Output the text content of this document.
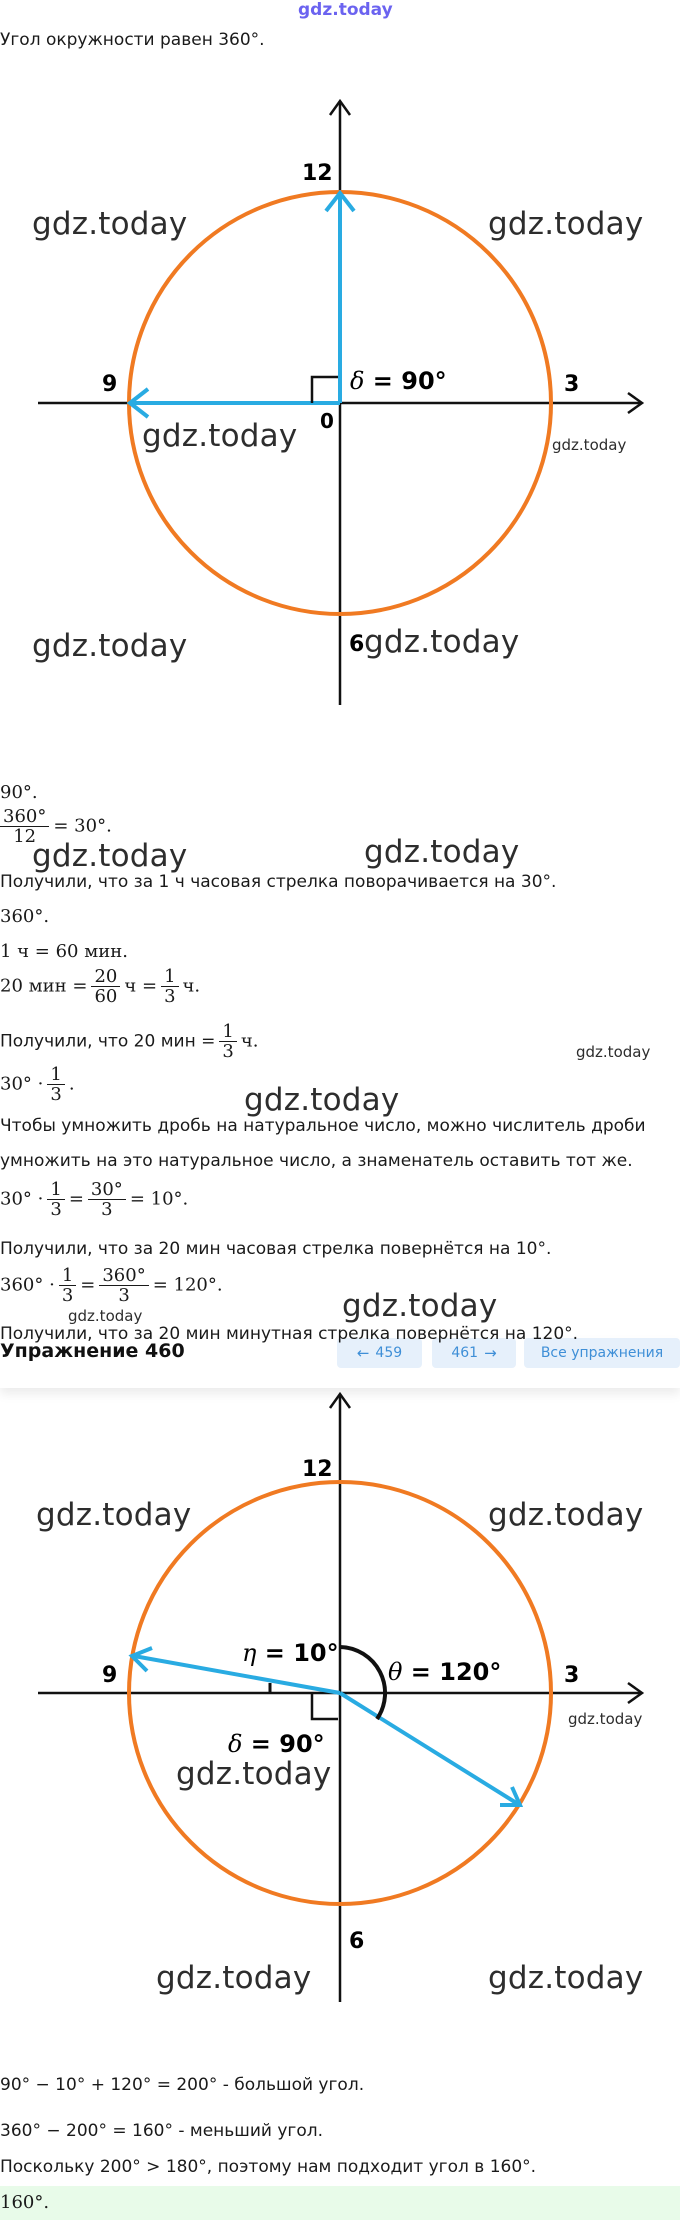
gdz.today
Угол окружности равен 360°.
12
3
6
9
0
δ = 90°
gdz.today	gdz.today
gdz.today	gdz.today
gdz.today	gdz.today
90°.
$\frac{360^\circ}{12} = 30^\circ$.
gdz.today	gdz.today
Получили, что за 1 ч часовая стрелка поворачивается на 30°.
360°.
1 ч = 60 мин.
20 мин = $\frac{20}{60}$ $ч = \frac{1}{3} ч$.
Получили, что 20 мин = $\frac{1}{3} ч$.
gdz.today
$30^\circ \cdot \frac{1}{3}$ .	gdz.today
Чтобы умножить дробь на натуральное число, можно числитель дроби
умножить на это натуральное число, а знаменатель оставить тот же.
$30^\circ \cdot \frac{1}{3} = \frac{30^\circ}{3} = 10^\circ$.
Получили, что за 20 мин часовая стрелка повернётся на 10°.
$360^\circ \cdot \frac{1}{3} = \frac{360^\circ}{3} = 120^\circ$.
gdz.today	gdz.today
Получили, что за 20 мин минутная стрелка повернётся на 120°.
Упражнение 460	← 459	461 →	Все упражнения
12
3
6
9
η = 10°
θ = 120°
δ = 90°
gdz.today	gdz.today
gdz.today
gdz.today
gdz.today	gdz.today
90° − 10° + 120° = 200° - большой угол.
360° − 200° = 160° - меньший угол.
Поскольку 200° > 180°, поэтому нам подходит угол в 160°.
160°.
